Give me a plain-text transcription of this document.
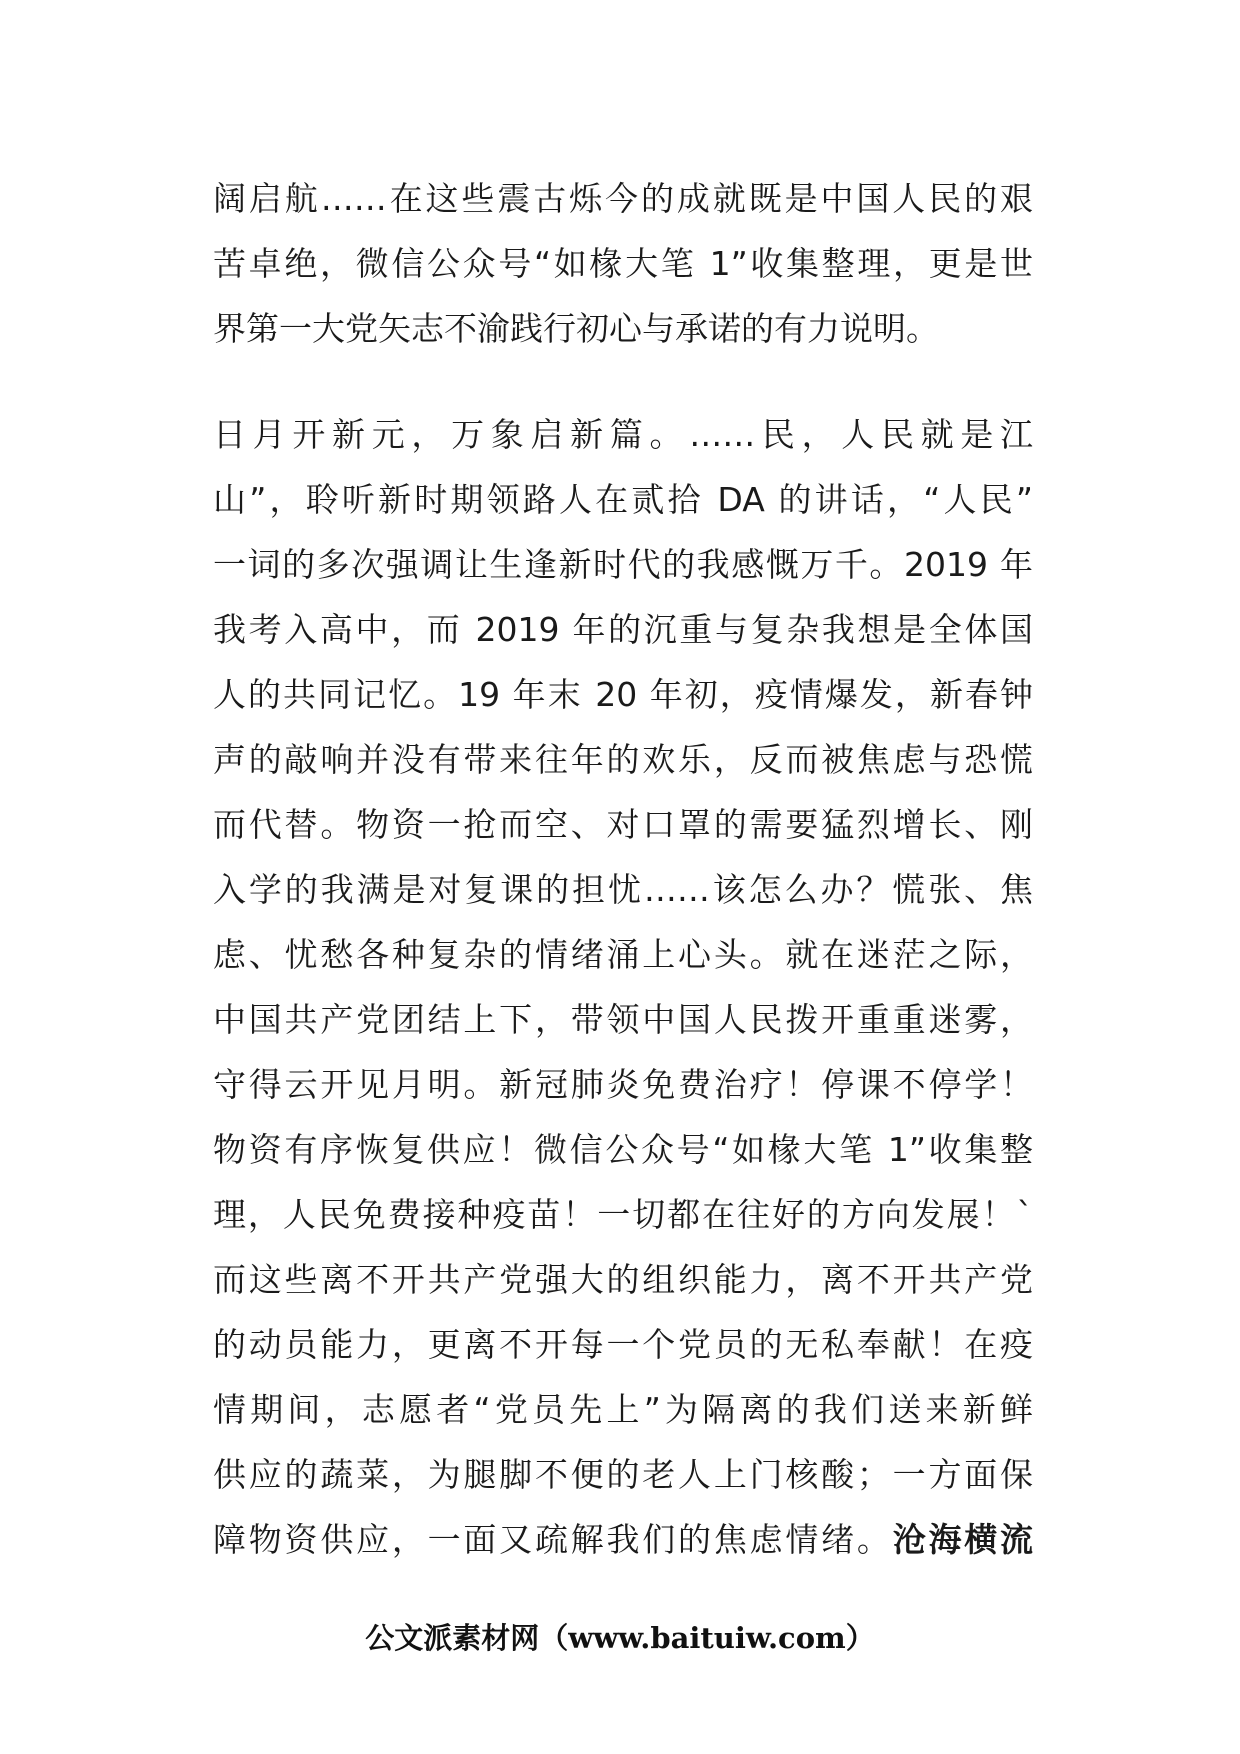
阔启航……在这些震古烁今的成就既是中国人民的艰
苦卓绝，微信公众号“如椽大笔 1”收集整理，更是世
界第一大党矢志不渝践行初心与承诺的有力说明。
日月开新元，万象启新篇。……民，人民就是江
山”，聆听新时期领路人在贰拾 DA 的讲话，“人民”
一词的多次强调让生逢新时代的我感慨万千。2019 年
我考入高中，而 2019 年的沉重与复杂我想是全体国
人的共同记忆。19 年末 20 年初，疫情爆发，新春钟
声的敲响并没有带来往年的欢乐，反而被焦虑与恐慌
而代替。物资一抢而空、对口罩的需要猛烈增长、刚
入学的我满是对复课的担忧……该怎么办？慌张、焦
虑、忧愁各种复杂的情绪涌上心头。就在迷茫之际，
中国共产党团结上下，带领中国人民拨开重重迷雾，
守得云开见月明。新冠肺炎免费治疗！停课不停学！
物资有序恢复供应！微信公众号“如椽大笔 1”收集整
理，人民免费接种疫苗！一切都在往好的方向发展！`
而这些离不开共产党强大的组织能力，离不开共产党
的动员能力，更离不开每一个党员的无私奉献！在疫
情期间，志愿者“党员先上”为隔离的我们送来新鲜
供应的蔬菜，为腿脚不便的老人上门核酸；一方面保
障物资供应，一面又疏解我们的焦虑情绪。沧海横流
公文派素材网（www.baituiw.com）
